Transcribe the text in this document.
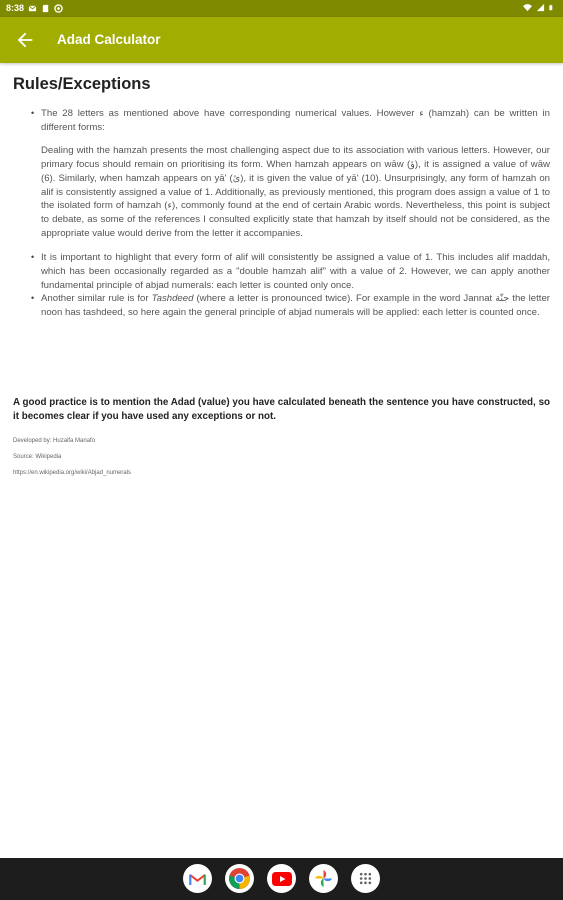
8:38
Adad Calculator
Rules/Exceptions
• The 28 letters as mentioned above have corresponding numerical values. However ء (hamzah) can be written in different forms:

Dealing with the hamzah presents the most challenging aspect due to its association with various letters. However, our primary focus should remain on prioritising its form. When hamzah appears on wāw (ؤ), it is assigned a value of wāw (6). Similarly, when hamzah appears on yā' (ئ), it is given the value of yā' (10). Unsurprisingly, any form of hamzah on alif is consistently assigned a value of 1. Additionally, as previously mentioned, this program does assign a value of 1 to the isolated form of hamzah (ء), commonly found at the end of certain Arabic words. Nevertheless, this point is subject to debate, as some of the references I consulted explicitly state that hamzah by itself should not be considered, as the appropriate value would derive from the letter it accompanies.

• It is important to highlight that every form of alif will consistently be assigned a value of 1. This includes alif maddah, which has been occasionally regarded as a "double hamzah alif" with a value of 2. However, we can apply another fundamental principle of abjad numerals: each letter is counted only once.
• Another similar rule is for Tashdeed (where a letter is pronounced twice). For example in the word Jannat جنّة the letter noon has tashdeed, so here again the general principle of abjad numerals will be applied: each letter is counted once.
A good practice is to mention the Adad (value) you have calculated beneath the sentence you have constructed, so it becomes clear if you have used any exceptions or not.
Developed by: Huzaifa Manafo
Source: Wikipedia
https://en.wikipedia.org/wiki/Abjad_numerals
